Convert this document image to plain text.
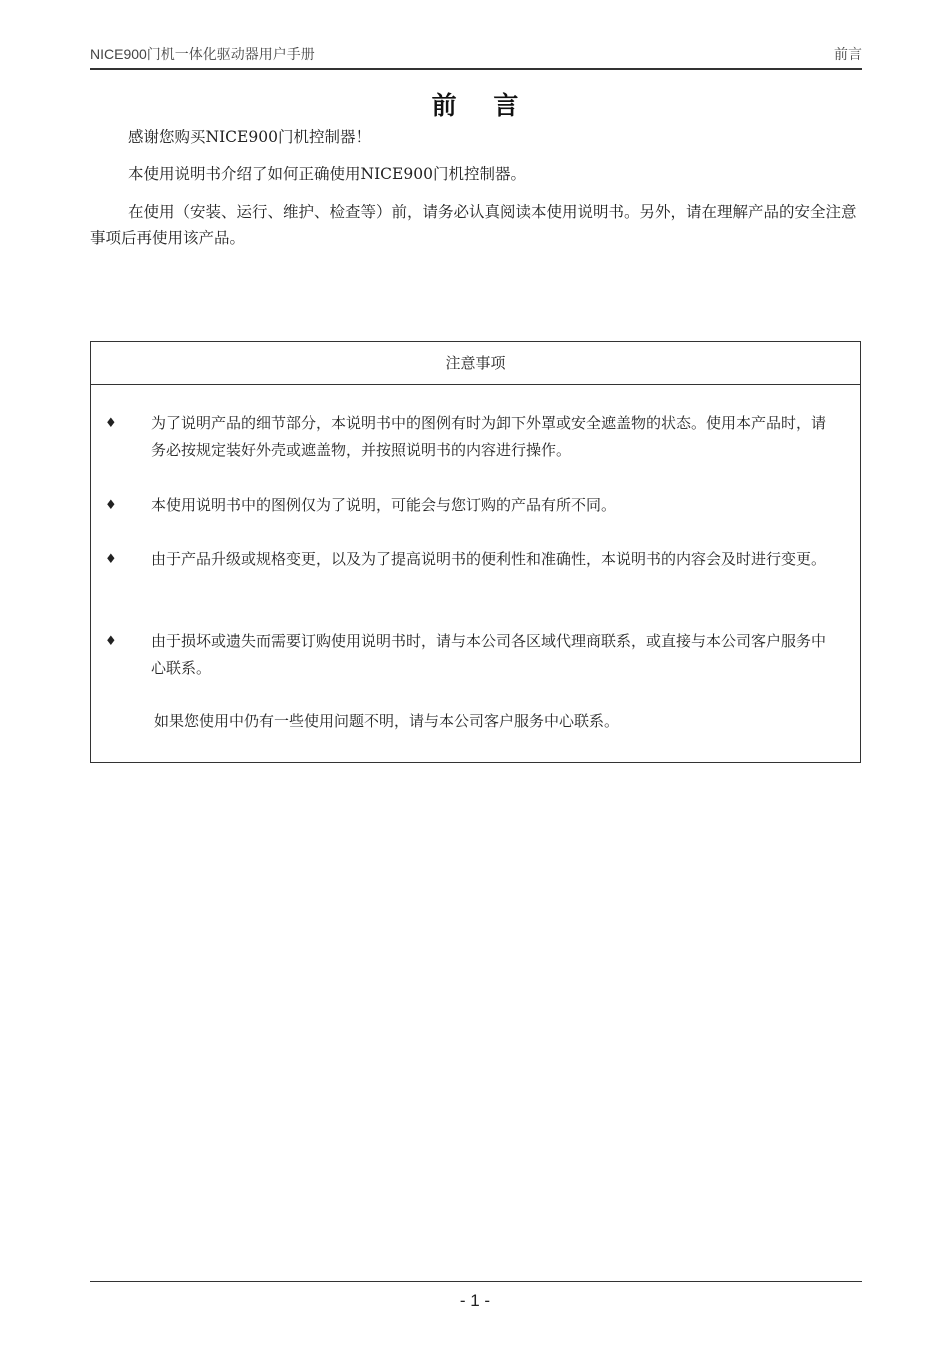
NICE900门机一体化驱动器用户手册	前言
前 言

感谢您购买NICE900门机控制器！

本使用说明书介绍了如何正确使用NICE900门机控制器。

在使用（安装、运行、维护、检查等）前，请务必认真阅读本使用说明书。另外，请在理解产品的安全注意事项后再使用该产品。

注意事项
♦ 为了说明产品的细节部分，本说明书中的图例有时为卸下外罩或安全遮盖物的状态。使用本产品时，请务必按规定装好外壳或遮盖物，并按照说明书的内容进行操作。
♦ 本使用说明书中的图例仅为了说明，可能会与您订购的产品有所不同。
♦ 由于产品升级或规格变更，以及为了提高说明书的便利性和准确性，本说明书的内容会及时进行变更。
♦ 由于损坏或遗失而需要订购使用说明书时，请与本公司各区域代理商联系，或直接与本公司客户服务中心联系。
如果您使用中仍有一些使用问题不明，请与本公司客户服务中心联系。
- 1 -
